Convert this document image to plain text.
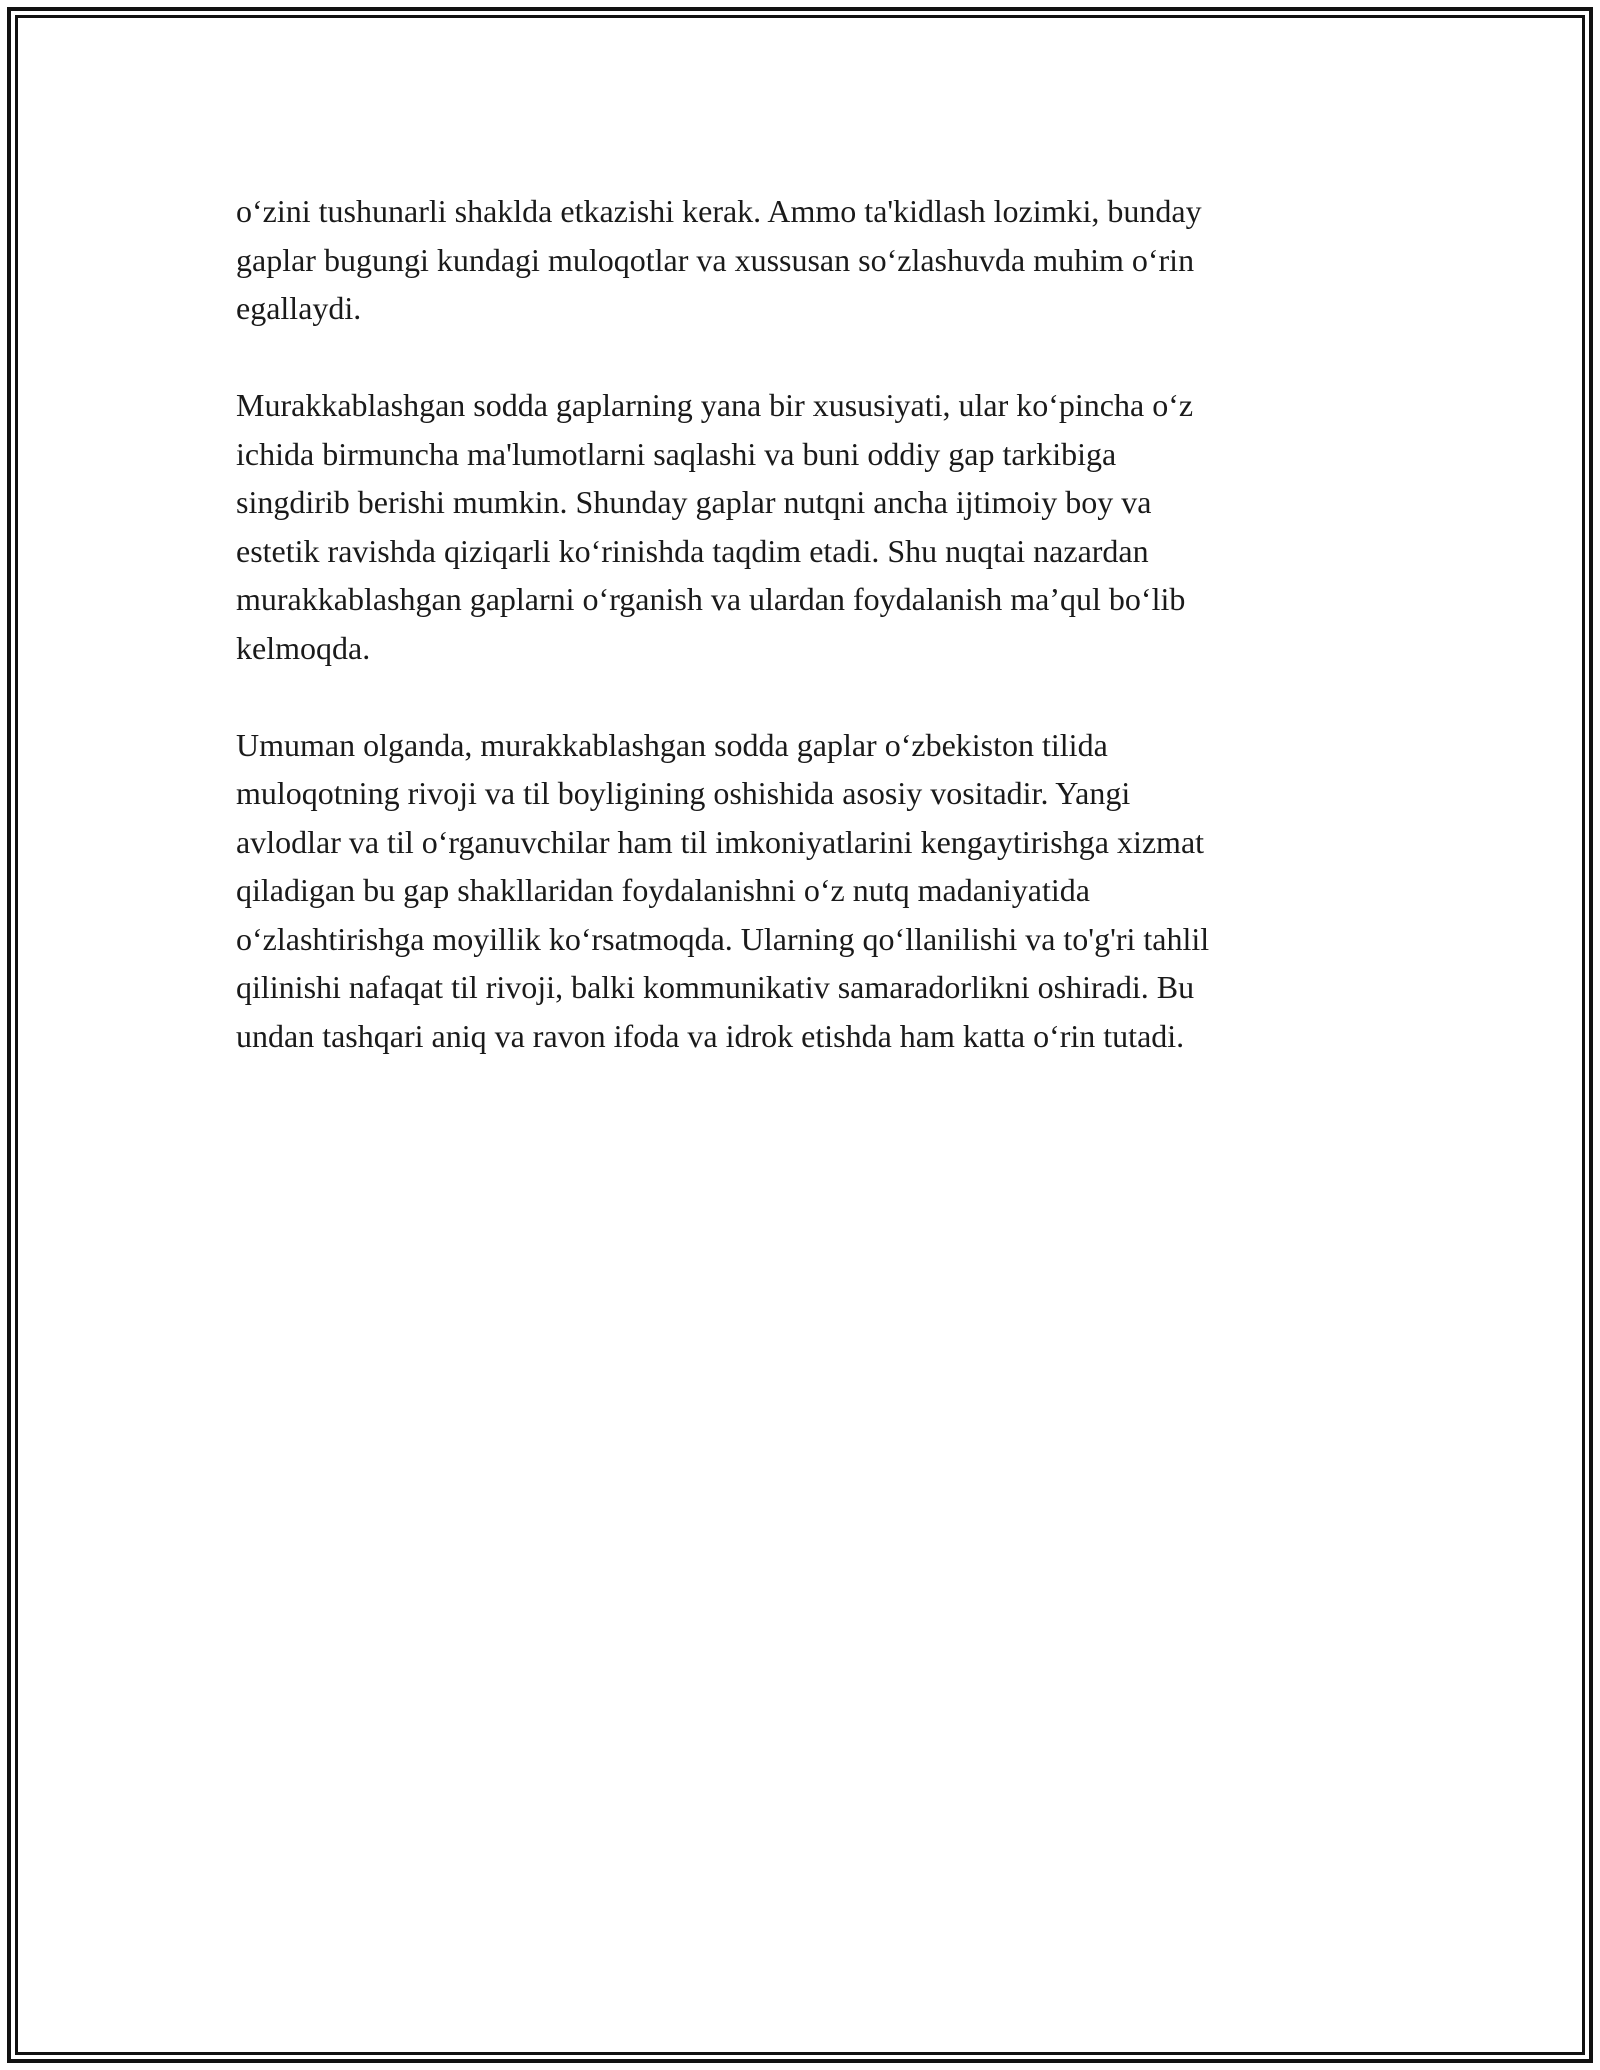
o‘zini tushunarli shaklda etkazishi kerak. Ammo ta'kidlash lozimki, bunday
gaplar bugungi kundagi muloqotlar va xussusan so‘zlashuvda muhim o‘rin
egallaydi.

Murakkablashgan sodda gaplarning yana bir xususiyati, ular ko‘pincha o‘z
ichida birmuncha ma'lumotlarni saqlashi va buni oddiy gap tarkibiga
singdirib berishi mumkin. Shunday gaplar nutqni ancha ijtimoiy boy va
estetik ravishda qiziqarli ko‘rinishda taqdim etadi. Shu nuqtai nazardan
murakkablashgan gaplarni o‘rganish va ulardan foydalanish ma’qul bo‘lib
kelmoqda.

Umuman olganda, murakkablashgan sodda gaplar o‘zbekiston tilida
muloqotning rivoji va til boyligining oshishida asosiy vositadir. Yangi
avlodlar va til o‘rganuvchilar ham til imkoniyatlarini kengaytirishga xizmat
qiladigan bu gap shakllaridan foydalanishni o‘z nutq madaniyatida
o‘zlashtirishga moyillik ko‘rsatmoqda. Ularning qo‘llanilishi va to'g'ri tahlil
qilinishi nafaqat til rivoji, balki kommunikativ samaradorlikni oshiradi. Bu
undan tashqari aniq va ravon ifoda va idrok etishda ham katta o‘rin tutadi.
